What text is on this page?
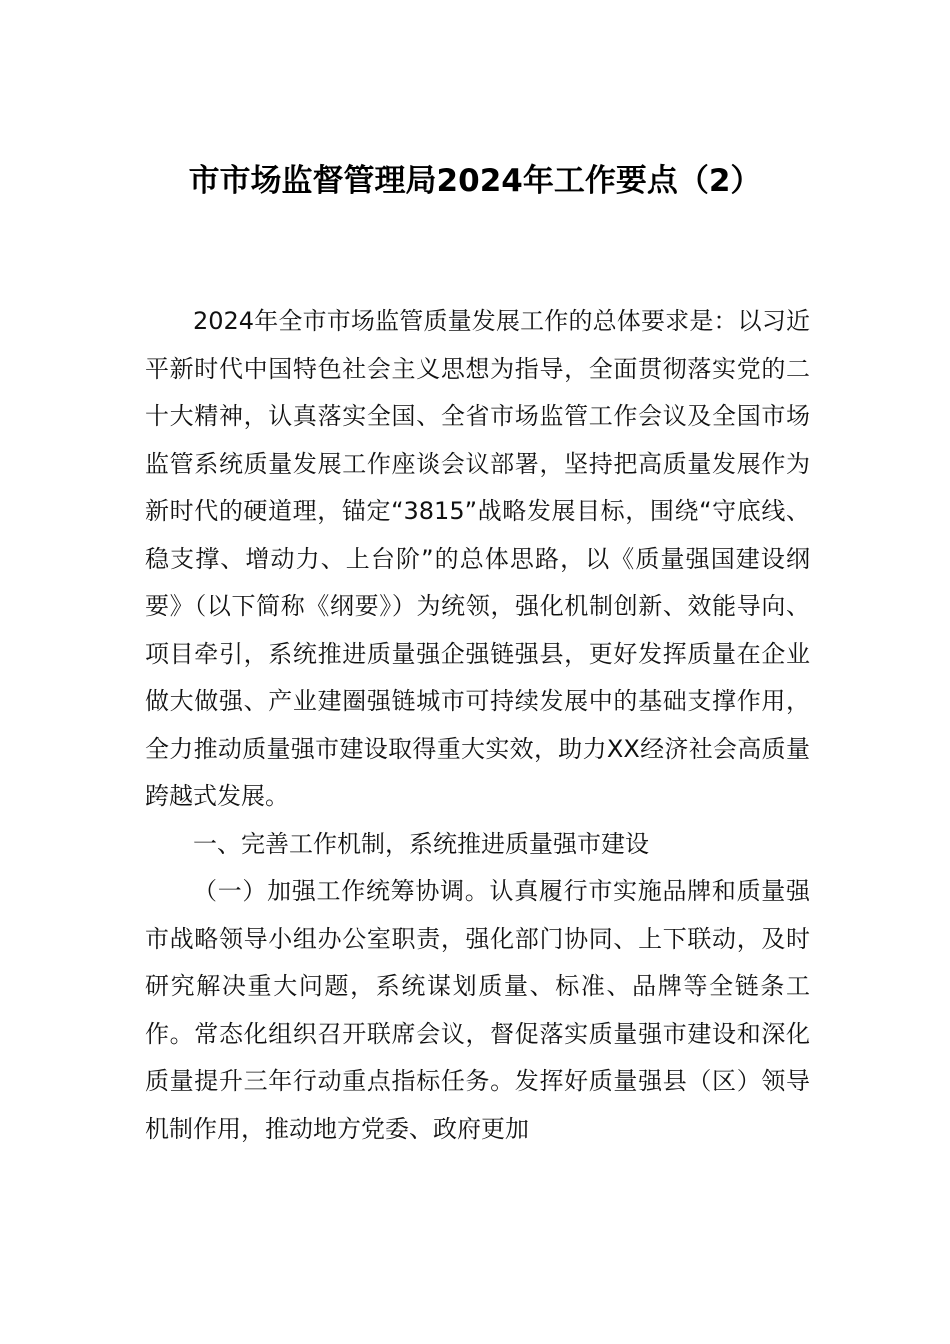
市市场监督管理局2024年工作要点（2）

2024年全市市场监管质量发展工作的总体要求是：以习近平新时代中国特色社会主义思想为指导，全面贯彻落实党的二十大精神，认真落实全国、全省市场监管工作会议及全国市场监管系统质量发展工作座谈会议部署，坚持把高质量发展作为新时代的硬道理，锚定“3815”战略发展目标，围绕“守底线、稳支撑、增动力、上台阶”的总体思路，以《质量强国建设纲要》（以下简称《纲要》）为统领，强化机制创新、效能导向、项目牵引，系统推进质量强企强链强县，更好发挥质量在企业做大做强、产业建圈强链城市可持续发展中的基础支撑作用，全力推动质量强市建设取得重大实效，助力XX经济社会高质量跨越式发展。

一、完善工作机制，系统推进质量强市建设

（一）加强工作统筹协调。认真履行市实施品牌和质量强市战略领导小组办公室职责，强化部门协同、上下联动，及时研究解决重大问题，系统谋划质量、标准、品牌等全链条工作。常态化组织召开联席会议，督促落实质量强市建设和深化质量提升三年行动重点指标任务。发挥好质量强县（区）领导机制作用，推动地方党委、政府更加
